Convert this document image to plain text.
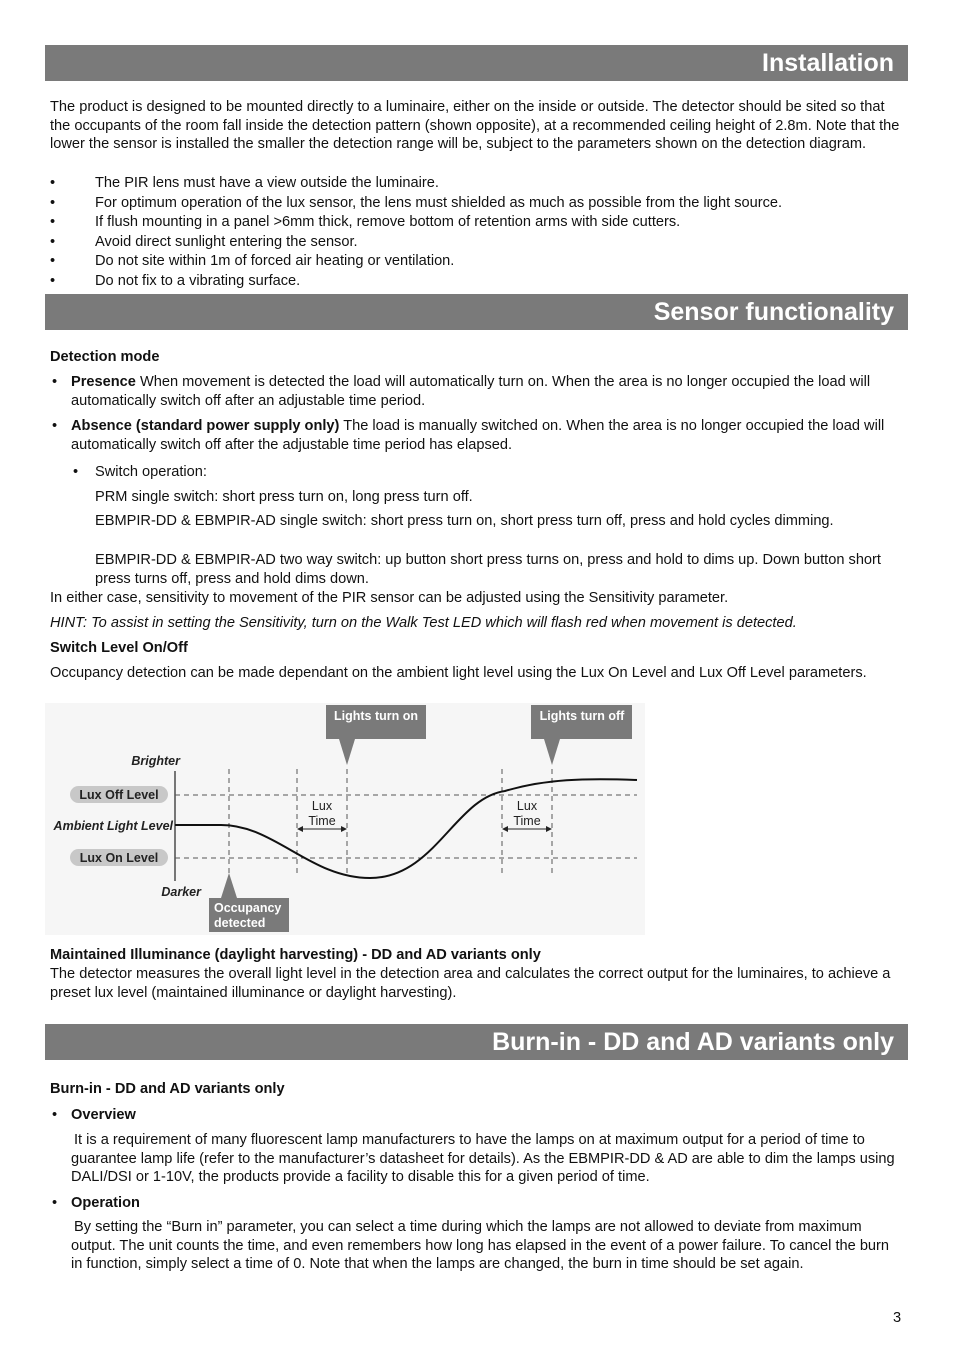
Installation

The product is designed to be mounted directly to a luminaire, either on the inside or outside. The detector should be sited so that the occupants of the room fall inside the detection pattern (shown opposite), at a recommended ceiling height of 2.8m. Note that the lower the sensor is installed the smaller the detection range will be, subject to the parameters shown on the detection diagram.

•	The PIR lens must have a view outside the luminaire.

•	For optimum operation of the lux sensor, the lens must shielded as much as possible from the light source.

•	If flush mounting in a panel >6mm thick, remove bottom of retention arms with side cutters.

•	Avoid direct sunlight entering the sensor.

•	Do not site within 1m of forced air heating or ventilation.

•	Do not fix to a vibrating surface.

Sensor functionality

Detection mode

• Presence When movement is detected the load will automatically turn on. When the area is no longer occupied the load will automatically switch off after an adjustable time period.

• Absence (standard power supply only) The load is manually switched on. When the area is no longer occupied the load will automatically switch off after the adjustable time period has elapsed.

•	Switch operation:

PRM single switch: short press turn on, long press turn off.

EBMPIR-DD & EBMPIR-AD single switch: short press turn on, short press turn off, press and hold cycles dimming.

EBMPIR-DD & EBMPIR-AD two way switch: up button short press turns on, press and hold to dims up. Down button short press turns off, press and hold dims down.

In either case, sensitivity to movement of the PIR sensor can be adjusted using the Sensitivity parameter.

HINT: To assist in setting the Sensitivity, turn on the Walk Test LED which will flash red when movement is detected.

Switch Level On/Off

Occupancy detection can be made dependant on the ambient light level using the Lux On Level and Lux Off Level parameters.

Lights turn on	Lights turn off
Brighter
Darker
Lux Off Level
Ambient Light Level
Lux On Level
Lux
Time
Lux
Time
Occupancy
detected

Maintained Illuminance (daylight harvesting) - DD and AD variants only

The detector measures the overall light level in the detection area and calculates the correct output for the luminaires, to achieve a preset lux level (maintained illuminance or daylight harvesting).

Burn-in - DD and AD variants only

Burn-in - DD and AD variants only

• Overview

It is a requirement of many fluorescent lamp manufacturers to have the lamps on at maximum output for a period of time to guarantee lamp life (refer to the manufacturer’s datasheet for details). As the EBMPIR-DD & AD are able to dim the lamps using DALI/DSI or 1-10V, the products provide a facility to disable this for a given period of time.

• Operation

By setting the “Burn in” parameter, you can select a time during which the lamps are not allowed to deviate from maximum output. The unit counts the time, and even remembers how long has elapsed in the event of a power failure. To cancel the burn in function, simply select a time of 0. Note that when the lamps are changed, the burn in time should be set again.

3
